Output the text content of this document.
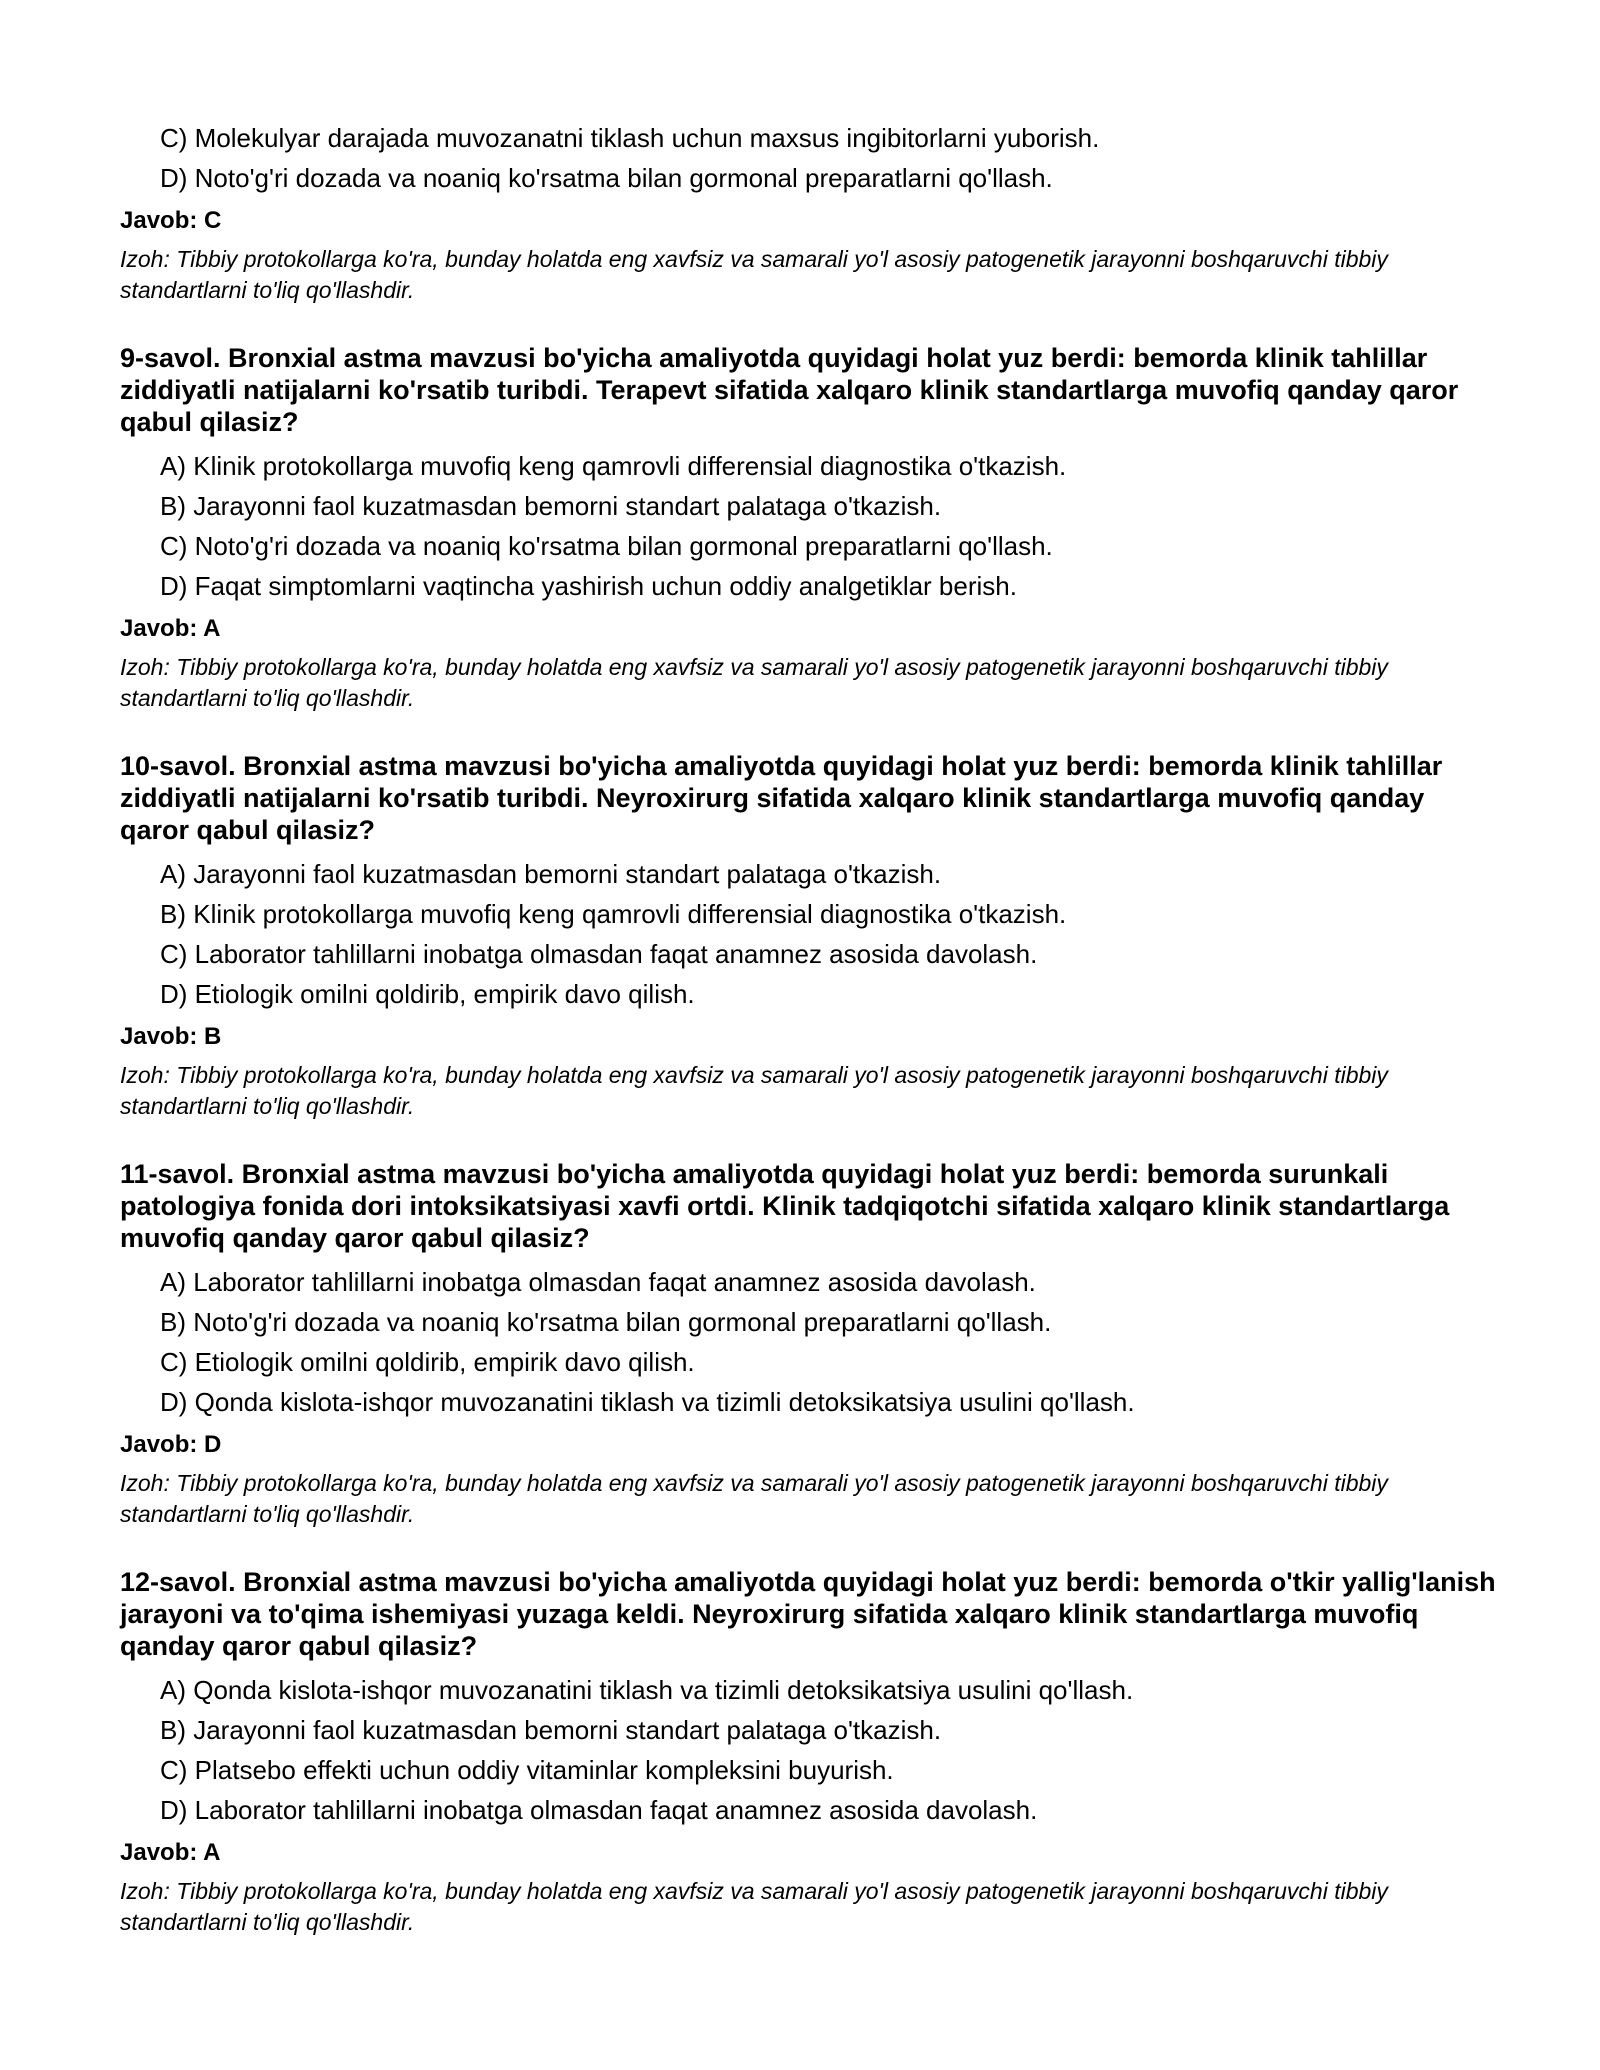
C) Molekulyar darajada muvozanatni tiklash uchun maxsus ingibitorlarni yuborish.
D) Noto'g'ri dozada va noaniq ko'rsatma bilan gormonal preparatlarni qo'llash.
Javob: C
Izoh: Tibbiy protokollarga ko'ra, bunday holatda eng xavfsiz va samarali yo'l asosiy patogenetik jarayonni boshqaruvchi tibbiy standartlarni to'liq qo'llashdir.
9-savol. Bronxial astma mavzusi bo'yicha amaliyotda quyidagi holat yuz berdi: bemorda klinik tahlillar ziddiyatli natijalarni ko'rsatib turibdi. Terapevt sifatida xalqaro klinik standartlarga muvofiq qanday qaror qabul qilasiz?
A) Klinik protokollarga muvofiq keng qamrovli differensial diagnostika o'tkazish.
B) Jarayonni faol kuzatmasdan bemorni standart palataga o'tkazish.
C) Noto'g'ri dozada va noaniq ko'rsatma bilan gormonal preparatlarni qo'llash.
D) Faqat simptomlarni vaqtincha yashirish uchun oddiy analgetiklar berish.
Javob: A
Izoh: Tibbiy protokollarga ko'ra, bunday holatda eng xavfsiz va samarali yo'l asosiy patogenetik jarayonni boshqaruvchi tibbiy standartlarni to'liq qo'llashdir.
10-savol. Bronxial astma mavzusi bo'yicha amaliyotda quyidagi holat yuz berdi: bemorda klinik tahlillar ziddiyatli natijalarni ko'rsatib turibdi. Neyroxirurg sifatida xalqaro klinik standartlarga muvofiq qanday qaror qabul qilasiz?
A) Jarayonni faol kuzatmasdan bemorni standart palataga o'tkazish.
B) Klinik protokollarga muvofiq keng qamrovli differensial diagnostika o'tkazish.
C) Laborator tahlillarni inobatga olmasdan faqat anamnez asosida davolash.
D) Etiologik omilni qoldirib, empirik davo qilish.
Javob: B
Izoh: Tibbiy protokollarga ko'ra, bunday holatda eng xavfsiz va samarali yo'l asosiy patogenetik jarayonni boshqaruvchi tibbiy standartlarni to'liq qo'llashdir.
11-savol. Bronxial astma mavzusi bo'yicha amaliyotda quyidagi holat yuz berdi: bemorda surunkali patologiya fonida dori intoksikatsiyasi xavfi ortdi. Klinik tadqiqotchi sifatida xalqaro klinik standartlarga muvofiq qanday qaror qabul qilasiz?
A) Laborator tahlillarni inobatga olmasdan faqat anamnez asosida davolash.
B) Noto'g'ri dozada va noaniq ko'rsatma bilan gormonal preparatlarni qo'llash.
C) Etiologik omilni qoldirib, empirik davo qilish.
D) Qonda kislota-ishqor muvozanatini tiklash va tizimli detoksikatsiya usulini qo'llash.
Javob: D
Izoh: Tibbiy protokollarga ko'ra, bunday holatda eng xavfsiz va samarali yo'l asosiy patogenetik jarayonni boshqaruvchi tibbiy standartlarni to'liq qo'llashdir.
12-savol. Bronxial astma mavzusi bo'yicha amaliyotda quyidagi holat yuz berdi: bemorda o'tkir yallig'lanish jarayoni va to'qima ishemiyasi yuzaga keldi. Neyroxirurg sifatida xalqaro klinik standartlarga muvofiq qanday qaror qabul qilasiz?
A) Qonda kislota-ishqor muvozanatini tiklash va tizimli detoksikatsiya usulini qo'llash.
B) Jarayonni faol kuzatmasdan bemorni standart palataga o'tkazish.
C) Platsebo effekti uchun oddiy vitaminlar kompleksini buyurish.
D) Laborator tahlillarni inobatga olmasdan faqat anamnez asosida davolash.
Javob: A
Izoh: Tibbiy protokollarga ko'ra, bunday holatda eng xavfsiz va samarali yo'l asosiy patogenetik jarayonni boshqaruvchi tibbiy standartlarni to'liq qo'llashdir.
